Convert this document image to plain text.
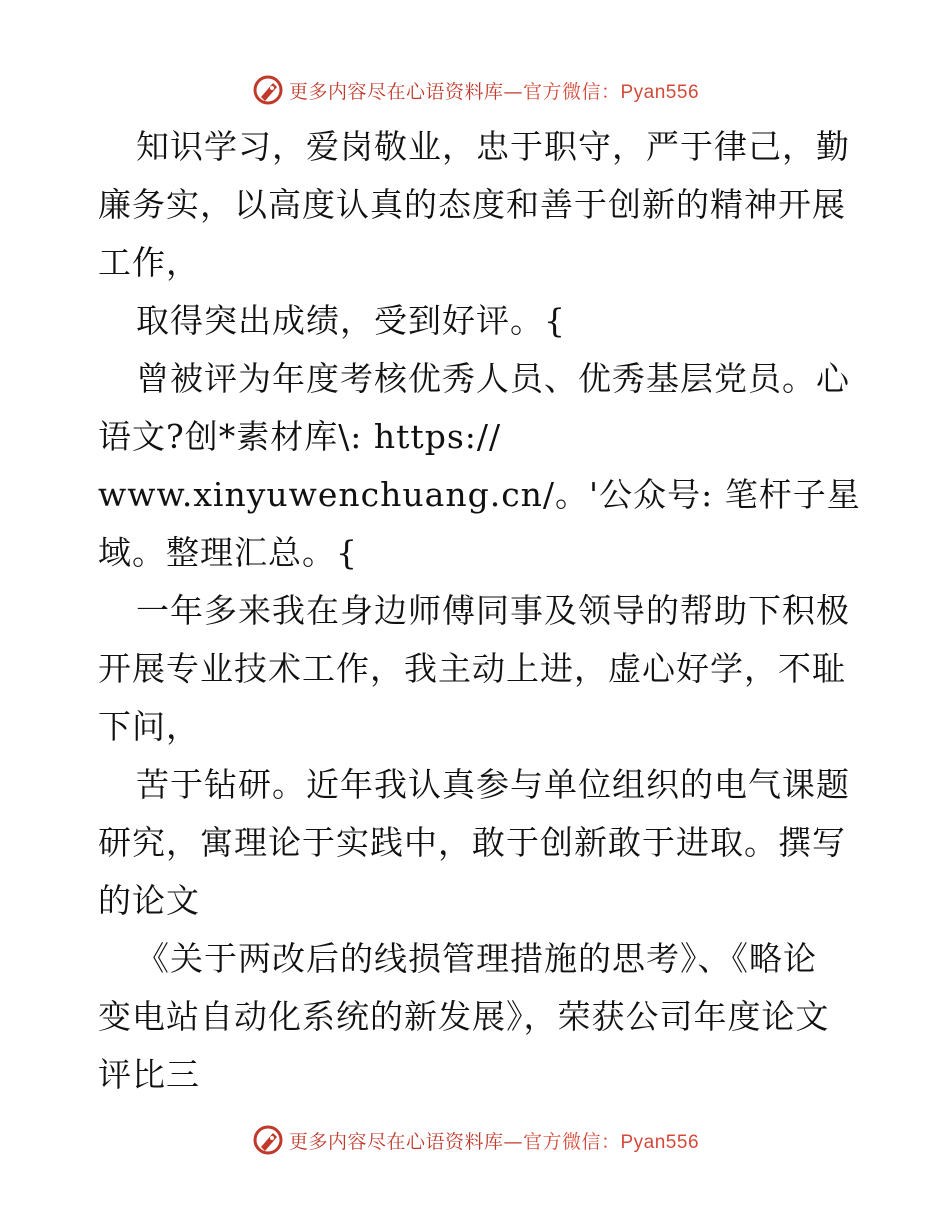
更多内容尽在心语资料库—官方微信：Pyan556
知识学习，爱岗敬业，忠于职守，严于律己，勤
廉务实，以高度认真的态度和善于创新的精神开展
工作，
取得突出成绩，受到好评。{
曾被评为年度考核优秀人员、优秀基层党员。心
语文?创*素材库\: https://
www.xinyuwenchuang.cn/。'公众号: 笔杆子星
域。整理汇总。{
一年多来我在身边师傅同事及领导的帮助下积极
开展专业技术工作，我主动上进，虚心好学，不耻
下问，
苦于钻研。近年我认真参与单位组织的电气课题
研究，寓理论于实践中，敢于创新敢于进取。撰写
的论文
《关于两改后的线损管理措施的思考》、《略论
变电站自动化系统的新发展》，荣获公司年度论文
评比三
更多内容尽在心语资料库—官方微信：Pyan556
